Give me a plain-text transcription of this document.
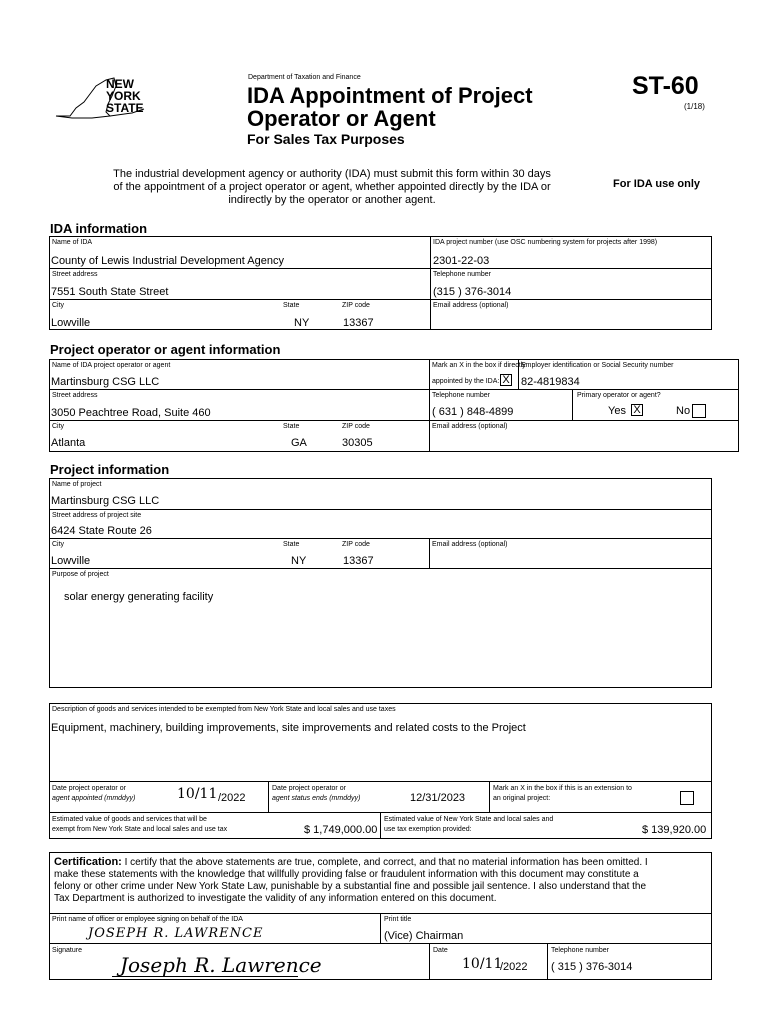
NEW
YORK
STATE
Department of Taxation and Finance
IDA Appointment of Project
Operator or Agent
For Sales Tax Purposes
ST-60
(1/18)
The industrial development agency or authority (IDA) must submit this form within 30 days
of the appointment of a project operator or agent, whether appointed directly by the IDA or
indirectly by the operator or another agent.
For IDA use only
IDA information
Name of IDA
County of Lewis Industrial Development Agency
IDA project number (use OSC numbering system for projects after 1998)
2301-22-03
Street address
7551 South State Street
Telephone number
(315 ) 376-3014
City
Lowville
State
NY
ZIP code
13367
Email address (optional)
Project operator or agent information
Name of IDA project operator or agent
Martinsburg CSG LLC
Mark an X in the box if directly
appointed by the IDA: X
Employer identification or Social Security number
82-4819834
Street address
3050 Peachtree Road, Suite 460
Telephone number
( 631 ) 848-4899
Primary operator or agent?
Yes X	No
City
Atlanta
State
GA
ZIP code
30305
Email address (optional)
Project information
Name of project
Martinsburg CSG LLC
Street address of project site
6424 State Route 26
City
Lowville
State
NY
ZIP code
13367
Email address (optional)
Purpose of project
solar energy generating facility
Description of goods and services intended to be exempted from New York State and local sales and use taxes
Equipment, machinery, building improvements, site improvements and related costs to the Project
Date project operator or
agent appointed (mmddyy)	10/11 /2022
Date project operator or
agent status ends (mmddyy)	12/31/2023
Mark an X in the box if this is an extension to
an original project:
Estimated value of goods and services that will be
exempt from New York State and local sales and use tax	$ 1,749,000.00
Estimated value of New York State and local sales and
use tax exemption provided:	$ 139,920.00
Certification: I certify that the above statements are true, complete, and correct, and that no material information has been omitted. I
make these statements with the knowledge that willfully providing false or fraudulent information with this document may constitute a
felony or other crime under New York State Law, punishable by a substantial fine and possible jail sentence. I also understand that the
Tax Department is authorized to investigate the validity of any information entered on this document.
Print name of officer or employee signing on behalf of the IDA
JOSEPH R. LAWRENCE
Print title
(Vice) Chairman
Signature
Joseph R. Lawrence
Date
10/11
/2022
Telephone number
( 315 ) 376-3014
